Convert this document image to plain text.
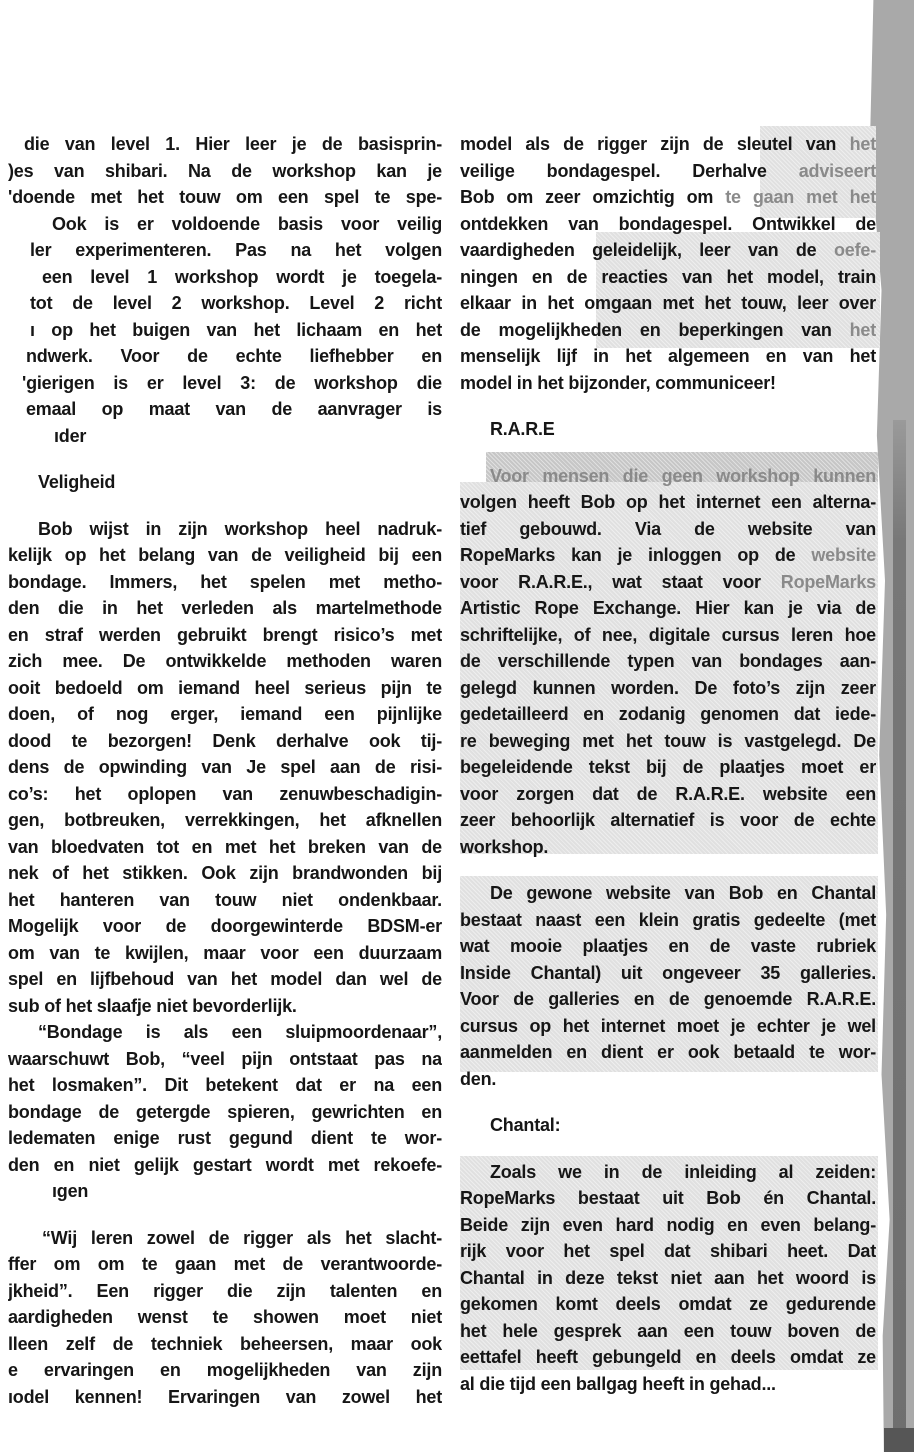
die van level 1. Hier leer je de basisprin-
)es van shibari. Na de workshop kan je
'doende met het touw om een spel te spe-
Ook is er voldoende basis voor veilig
ler experimenteren. Pas na het volgen
een level 1 workshop wordt je toegela-
tot de level 2 workshop. Level 2 richt
ı op het buigen van het lichaam en het
ndwerk. Voor de echte liefhebber en
'gierigen is er level 3: de workshop die
emaal op maat van de aanvrager is
ıder
Veligheid
Bob wijst in zijn workshop heel nadruk-
kelijk op het belang van de veiligheid bij een
bondage. Immers, het spelen met metho-
den die in het verleden als martelmethode
en straf werden gebruikt brengt risico’s met
zich mee. De ontwikkelde methoden waren
ooit bedoeld om iemand heel serieus pijn te
doen, of nog erger, iemand een pijnlijke
dood te bezorgen! Denk derhalve ook tij-
dens de opwinding van Je spel aan de risi-
co’s: het oplopen van zenuwbeschadigin-
gen, botbreuken, verrekkingen, het afknellen
van bloedvaten tot en met het breken van de
nek of het stikken. Ook zijn brandwonden bij
het hanteren van touw niet ondenkbaar.
Mogelijk voor de doorgewinterde BDSM-er
om van te kwijlen, maar voor een duurzaam
spel en lijfbehoud van het model dan wel de
sub of het slaafje niet bevorderlijk.
“Bondage is als een sluipmoordenaar”,
waarschuwt Bob, “veel pijn ontstaat pas na
het losmaken”. Dit betekent dat er na een
bondage de getergde spieren, gewrichten en
ledematen enige rust gegund dient te wor-
den en niet gelijk gestart wordt met rekoefe-
ıgen
“Wij leren zowel de rigger als het slacht-
ffer om om te gaan met de verantwoorde-
jkheid”. Een rigger die zijn talenten en
aardigheden wenst te showen moet niet
lleen zelf de techniek beheersen, maar ook
e ervaringen en mogelijkheden van zijn
ıodel kennen! Ervaringen van zowel het
model als de rigger zijn de sleutel van het
veilige bondagespel. Derhalve adviseert
Bob om zeer omzichtig om te gaan met het
ontdekken van bondagespel. Ontwikkel de
vaardigheden geleidelijk, leer van de oefe-
ningen en de reacties van het model, train
elkaar in het omgaan met het touw, leer over
de mogelijkheden en beperkingen van het
menselijk lijf in het algemeen en van het
model in het bijzonder, communiceer!
R.A.R.E
Voor mensen die geen workshop kunnen
volgen heeft Bob op het internet een alterna-
tief gebouwd. Via de website van
RopeMarks kan je inloggen op de website
voor R.A.R.E., wat staat voor RopeMarks
Artistic Rope Exchange. Hier kan je via de
schriftelijke, of nee, digitale cursus leren hoe
de verschillende typen van bondages aan-
gelegd kunnen worden. De foto’s zijn zeer
gedetailleerd en zodanig genomen dat iede-
re beweging met het touw is vastgelegd. De
begeleidende tekst bij de plaatjes moet er
voor zorgen dat de R.A.R.E. website een
zeer behoorlijk alternatief is voor de echte
workshop.
De gewone website van Bob en Chantal
bestaat naast een klein gratis gedeelte (met
wat mooie plaatjes en de vaste rubriek
Inside Chantal) uit ongeveer 35 galleries.
Voor de galleries en de genoemde R.A.R.E.
cursus op het internet moet je echter je wel
aanmelden en dient er ook betaald te wor-
den.
Chantal:
Zoals we in de inleiding al zeiden:
RopeMarks bestaat uit Bob én Chantal.
Beide zijn even hard nodig en even belang-
rijk voor het spel dat shibari heet. Dat
Chantal in deze tekst niet aan het woord is
gekomen komt deels omdat ze gedurende
het hele gesprek aan een touw boven de
eettafel heeft gebungeld en deels omdat ze
al die tijd een ballgag heeft in gehad...
